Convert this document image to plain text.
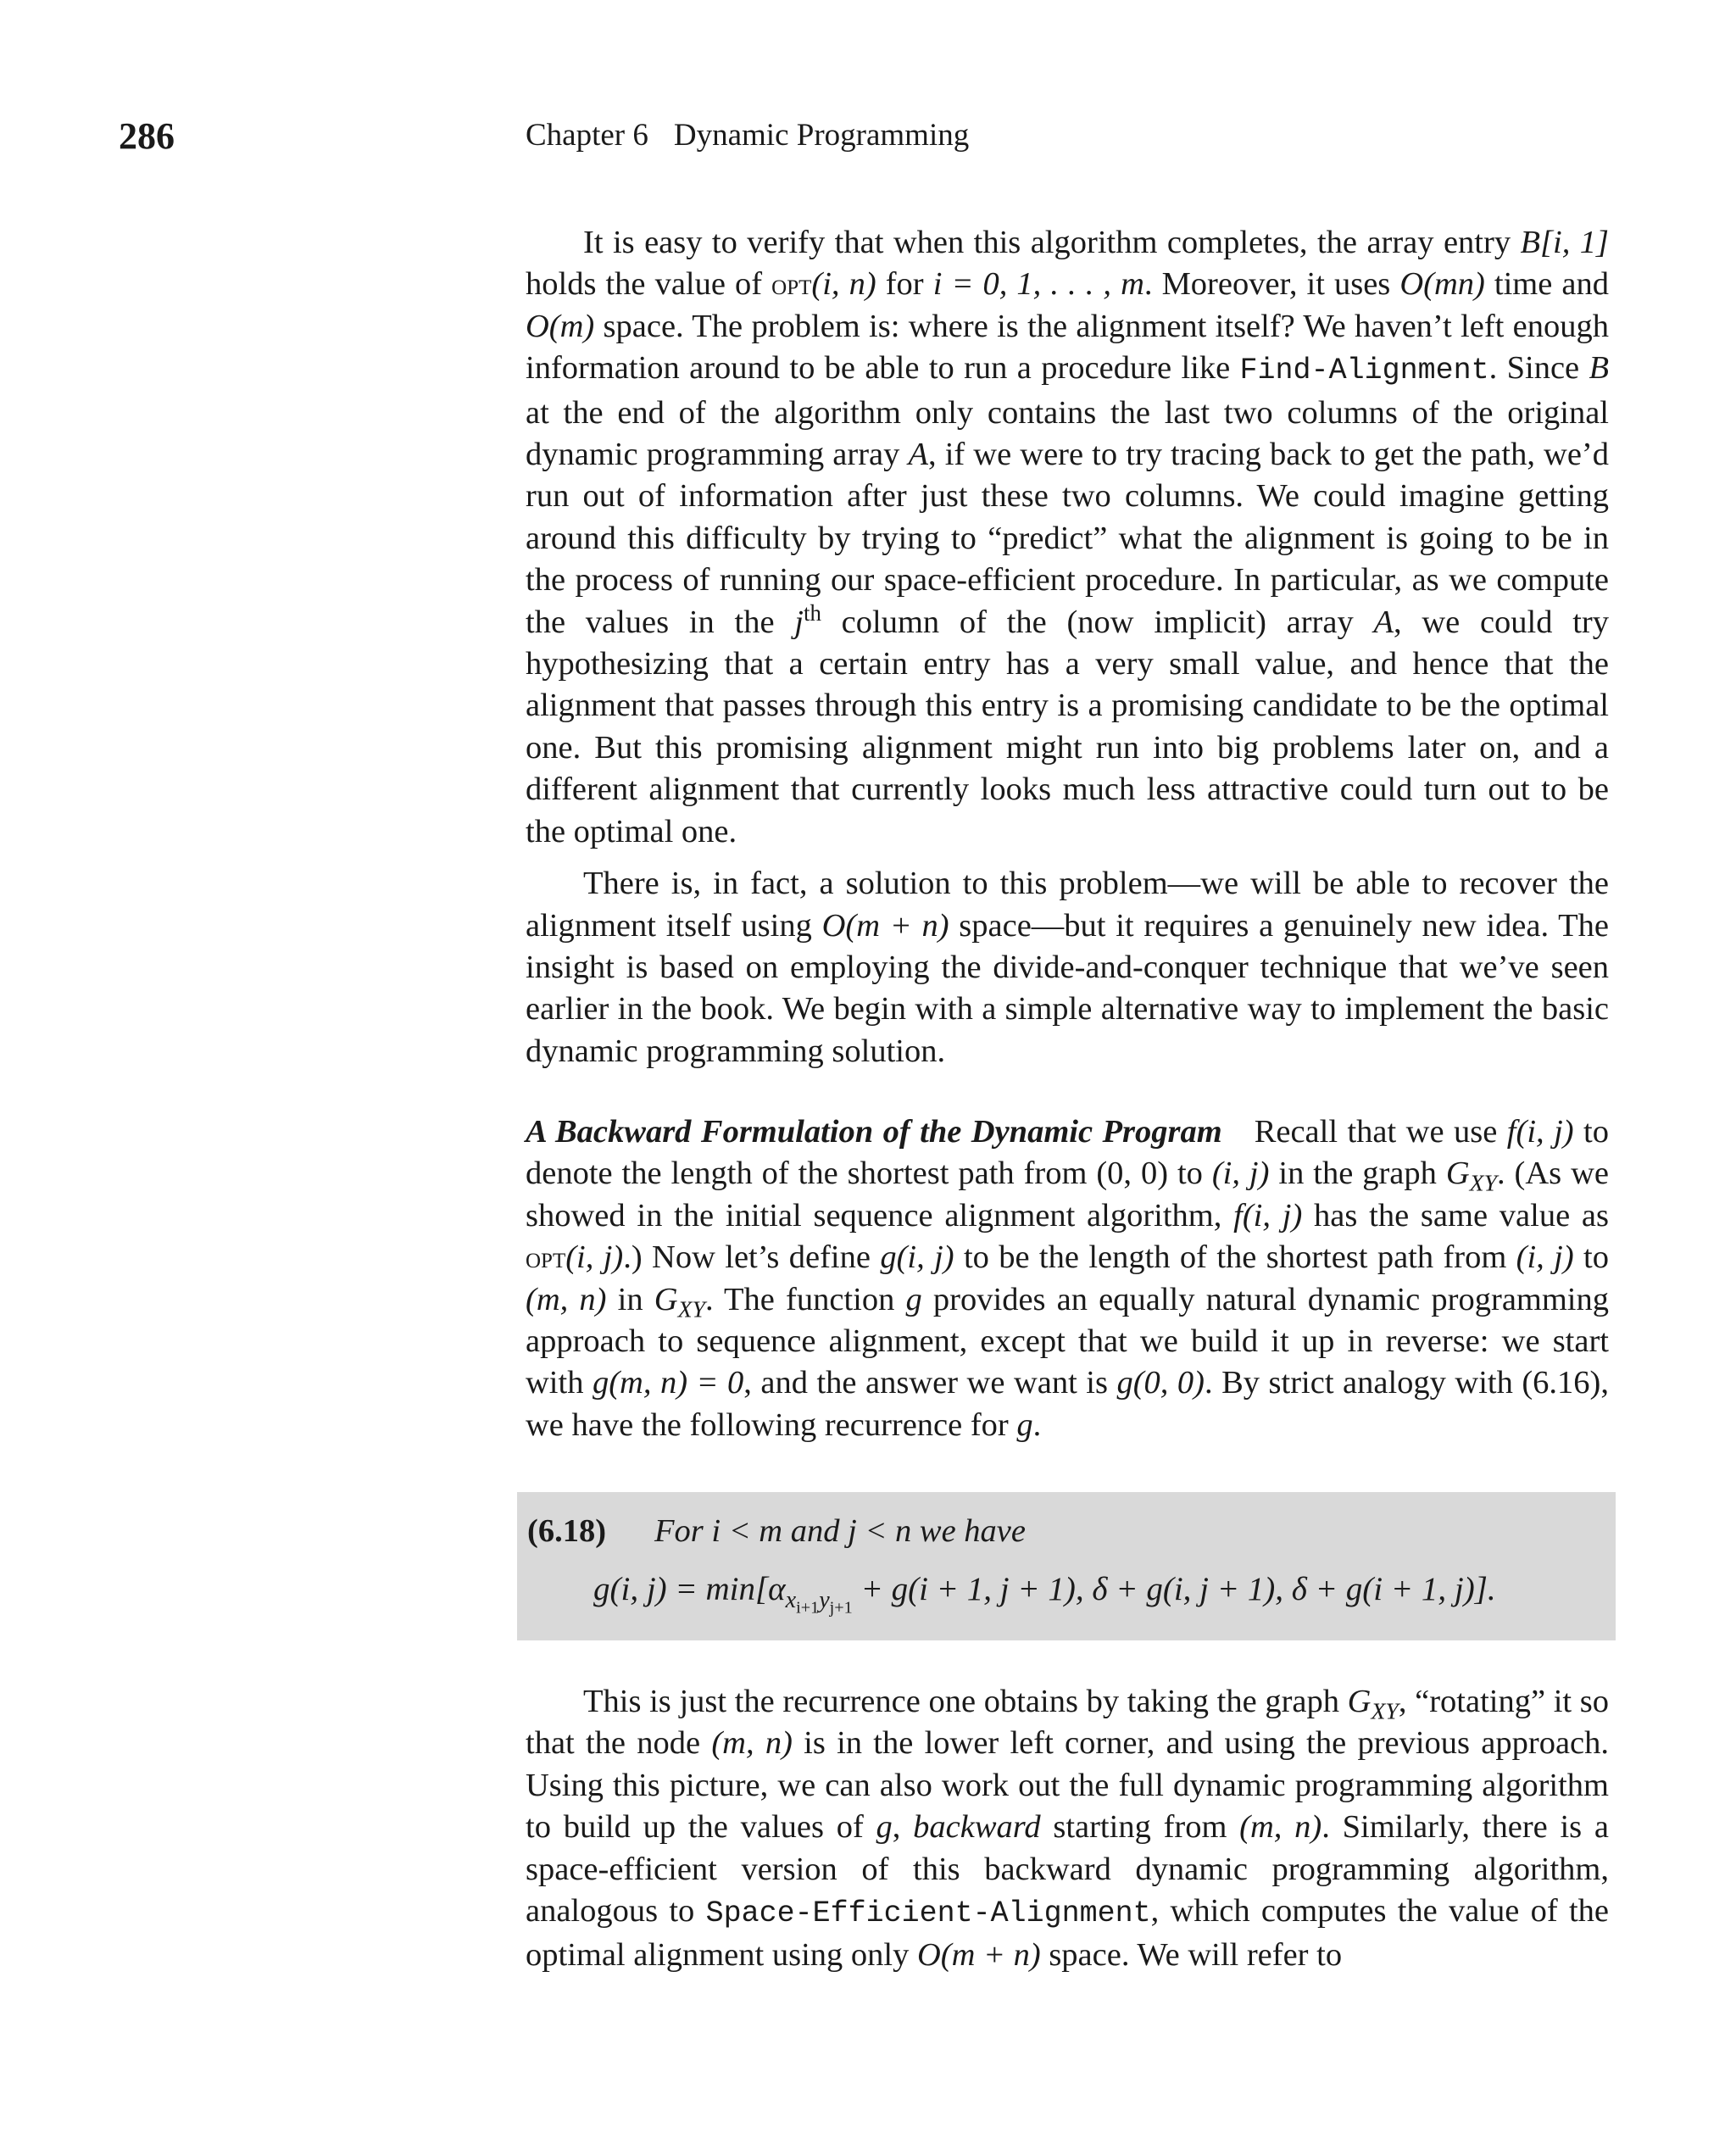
286	Chapter 6 Dynamic Programming

It is easy to verify that when this algorithm completes, the array entry B[i, 1] holds the value of opt(i, n) for i = 0, 1, . . . , m. Moreover, it uses O(mn) time and O(m) space. The problem is: where is the alignment itself? We haven’t left enough information around to be able to run a procedure like Find-Alignment. Since B at the end of the algorithm only contains the last two columns of the original dynamic programming array A, if we were to try tracing back to get the path, we’d run out of information after just these two columns. We could imagine getting around this difficulty by trying to “predict” what the alignment is going to be in the process of running our space-efficient procedure. In particular, as we compute the values in the $j^{th}$ column of the (now implicit) array A, we could try hypothesizing that a certain entry has a very small value, and hence that the alignment that passes through this entry is a promising candidate to be the optimal one. But this promising alignment might run into big problems later on, and a different alignment that currently looks much less attractive could turn out to be the optimal one.

There is, in fact, a solution to this problem—we will be able to recover the alignment itself using O(m + n) space—but it requires a genuinely new idea. The insight is based on employing the divide-and-conquer technique that we’ve seen earlier in the book. We begin with a simple alternative way to implement the basic dynamic programming solution.

A Backward Formulation of the Dynamic Program Recall that we use f(i, j) to denote the length of the shortest path from (0, 0) to (i, j) in the graph $G_{XY}$. (As we showed in the initial sequence alignment algorithm, f(i, j) has the same value as opt(i, j).) Now let’s define g(i, j) to be the length of the shortest path from (i, j) to (m, n) in $G_{XY}$. The function g provides an equally natural dynamic programming approach to sequence alignment, except that we build it up in reverse: we start with g(m, n) = 0, and the answer we want is g(0, 0). By strict analogy with (6.16), we have the following recurrence for g.

(6.18) For i < m and j < n we have
g(i, $j) = \min[\alpha_{x_{i+1}y_{j+1}} + g(i + 1$, j + 1), δ + g(i, j + 1), δ + g(i + 1, j)].

This is just the recurrence one obtains by taking the graph $G_{XY}$, “rotating” it so that the node (m, n) is in the lower left corner, and using the previous approach. Using this picture, we can also work out the full dynamic programming algorithm to build up the values of g, backward starting from (m, n). Similarly, there is a space-efficient version of this backward dynamic programming algorithm, analogous to Space-Efficient-Alignment, which computes the value of the optimal alignment using only O(m + n) space. We will refer to
